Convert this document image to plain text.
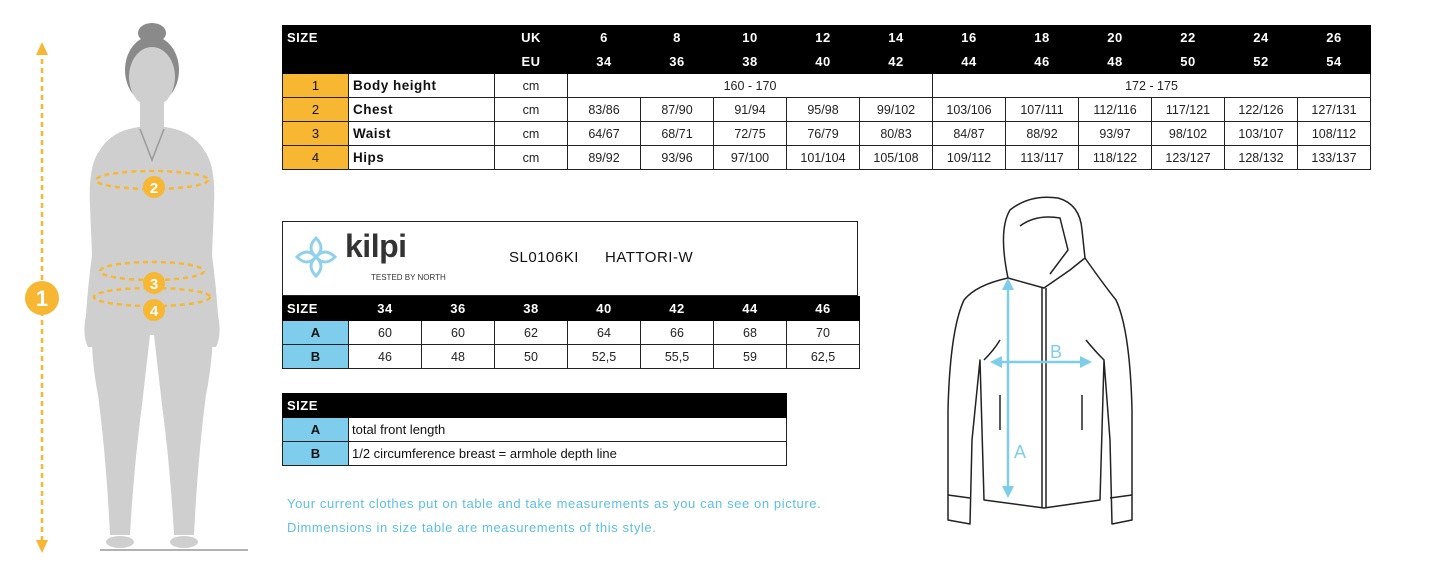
1
2
3
4
SIZE		UK	6	8	10	12	14	16	18	20	22	24	26
		EU	34	36	38	40	42	44	46	48	50	52	54
1	Body height	cm	160 - 170					172 - 175					
2	Chest	cm	83/86	87/90	91/94	95/98	99/102	103/106	107/111	112/116	117/121	122/126	127/131
3	Waist	cm	64/67	68/71	72/75	76/79	80/83	84/87	88/92	93/97	98/102	103/107	108/112
4	Hips	cm	89/92	93/96	97/100	101/104	105/108	109/112	113/117	118/122	123/127	128/132	133/137
kilpi
TESTED BY NORTH
SL0106KI HATTORI-W
SIZE	34	36	38	40	42	44	46
A	60	60	62	64	66	68	70
B	46	48	50	52,5	55,5	59	62,5
SIZE	
A	total front length
B	1/2 circumference breast = armhole depth line
Your current clothes put on table and take measurements as you can see on picture.
Dimmensions in size table are measurements of this style.
A
B
